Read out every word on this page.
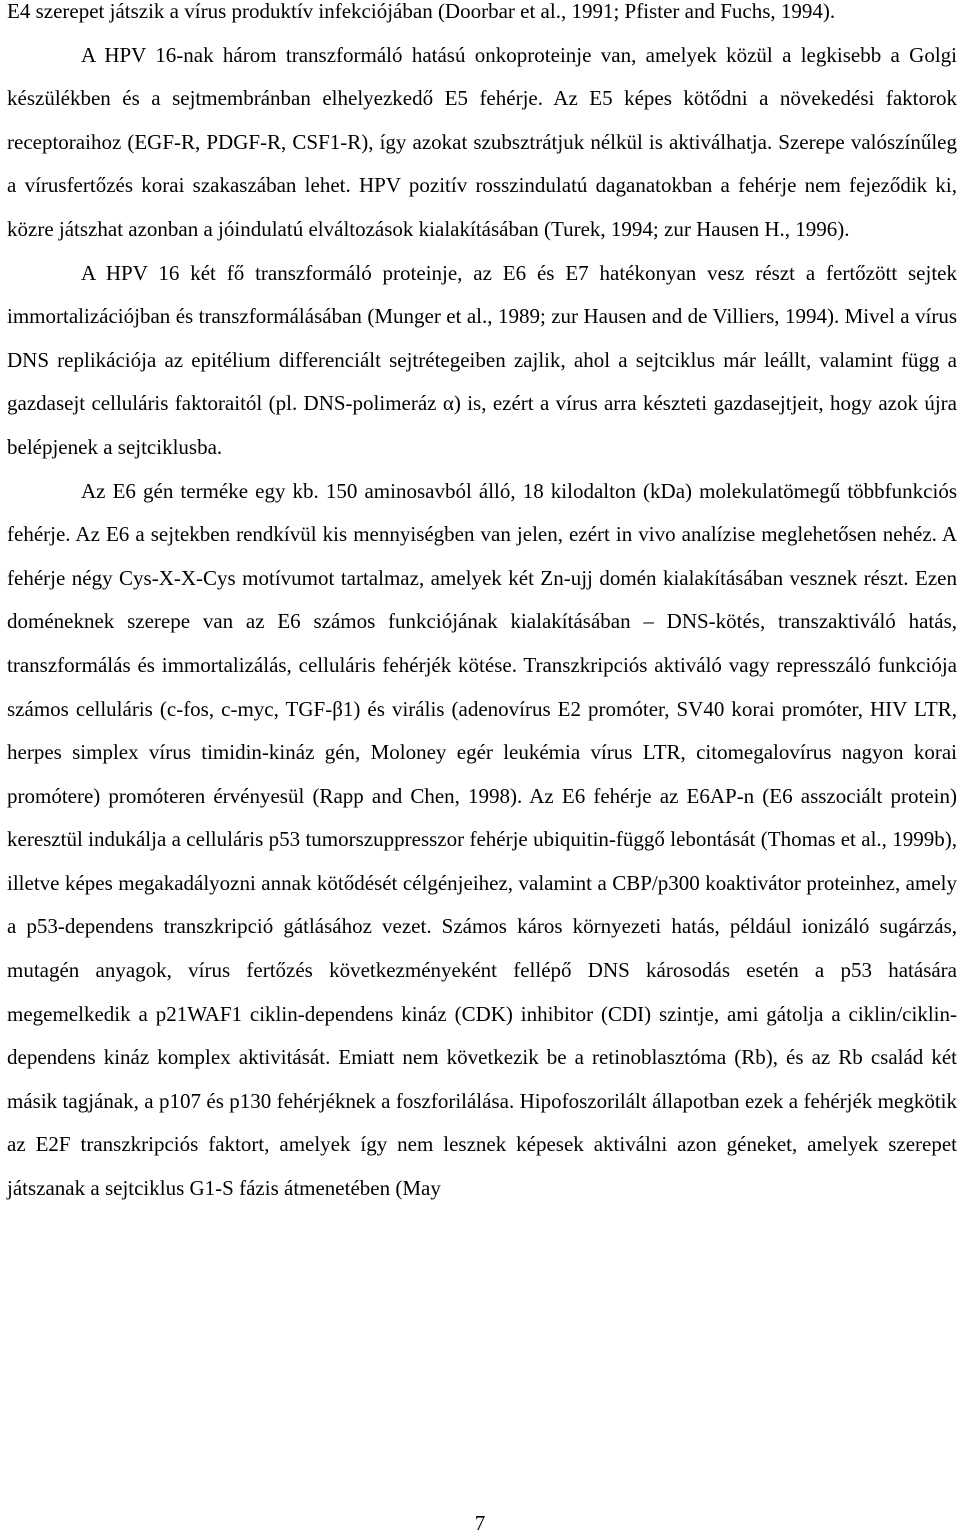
E4 szerepet játszik a vírus produktív infekciójában (Doorbar et al., 1991; Pfister and Fuchs, 1994).

A HPV 16-nak három transzformáló hatású onkoproteinje van, amelyek közül a legkisebb a Golgi készülékben és a sejtmembránban elhelyezkedő E5 fehérje. Az E5 képes kötődni a növekedési faktorok receptoraihoz (EGF-R, PDGF-R, CSF1-R), így azokat szubsztrátjuk nélkül is aktiválhatja. Szerepe valószínűleg a vírusfertőzés korai szakaszában lehet. HPV pozitív rosszindulatú daganatokban a fehérje nem fejeződik ki, közre játszhat azonban a jóindulatú elváltozások kialakításában (Turek, 1994; zur Hausen H., 1996).

A HPV 16 két fő transzformáló proteinje, az E6 és E7 hatékonyan vesz részt a fertőzött sejtek immortalizációjban és transzformálásában (Munger et al., 1989; zur Hausen and de Villiers, 1994). Mivel a vírus DNS replikációja az epitélium differenciált sejtrétegeiben zajlik, ahol a sejtciklus már leállt, valamint függ a gazdasejt celluláris faktoraitól (pl. DNS-polimeráz α) is, ezért a vírus arra készteti gazdasejtjeit, hogy azok újra belépjenek a sejtciklusba.

Az E6 gén terméke egy kb. 150 aminosavból álló, 18 kilodalton (kDa) molekulatömegű többfunkciós fehérje. Az E6 a sejtekben rendkívül kis mennyiségben van jelen, ezért in vivo analízise meglehetősen nehéz. A fehérje négy Cys-X-X-Cys motívumot tartalmaz, amelyek két Zn-ujj domén kialakításában vesznek részt. Ezen doméneknek szerepe van az E6 számos funkciójának kialakításában – DNS-kötés, transzaktiváló hatás, transzformálás és immortalizálás, celluláris fehérjék kötése. Transzkripciós aktiváló vagy represszáló funkciója számos celluláris (c-fos, c-myc, TGF-β1) és virális (adenovírus E2 promóter, SV40 korai promóter, HIV LTR, herpes simplex vírus timidin-kináz gén, Moloney egér leukémia vírus LTR, citomegalovírus nagyon korai promótere) promóteren érvényesül (Rapp and Chen, 1998). Az E6 fehérje az E6AP-n (E6 asszociált protein) keresztül indukálja a celluláris p53 tumorszuppresszor fehérje ubiquitin-függő lebontását (Thomas et al., 1999b), illetve képes megakadályozni annak kötődését célgénjeihez, valamint a CBP/p300 koaktivátor proteinhez, amely a p53-dependens transzkripció gátlásához vezet. Számos káros környezeti hatás, például ionizáló sugárzás, mutagén anyagok, vírus fertőzés következményeként fellépő DNS károsodás esetén a p53 hatására megemelkedik a p21WAF1 ciklin-dependens kináz (CDK) inhibitor (CDI) szintje, ami gátolja a ciklin/ciklin-dependens kináz komplex aktivitását. Emiatt nem következik be a retinoblasztóma (Rb), és az Rb család két másik tagjának, a p107 és p130 fehérjéknek a foszforilálása. Hipofoszorilált állapotban ezek a fehérjék megkötik az E2F transzkripciós faktort, amelyek így nem lesznek képesek aktiválni azon géneket, amelyek szerepet játszanak a sejtciklus G1-S fázis átmenetében (May

7
